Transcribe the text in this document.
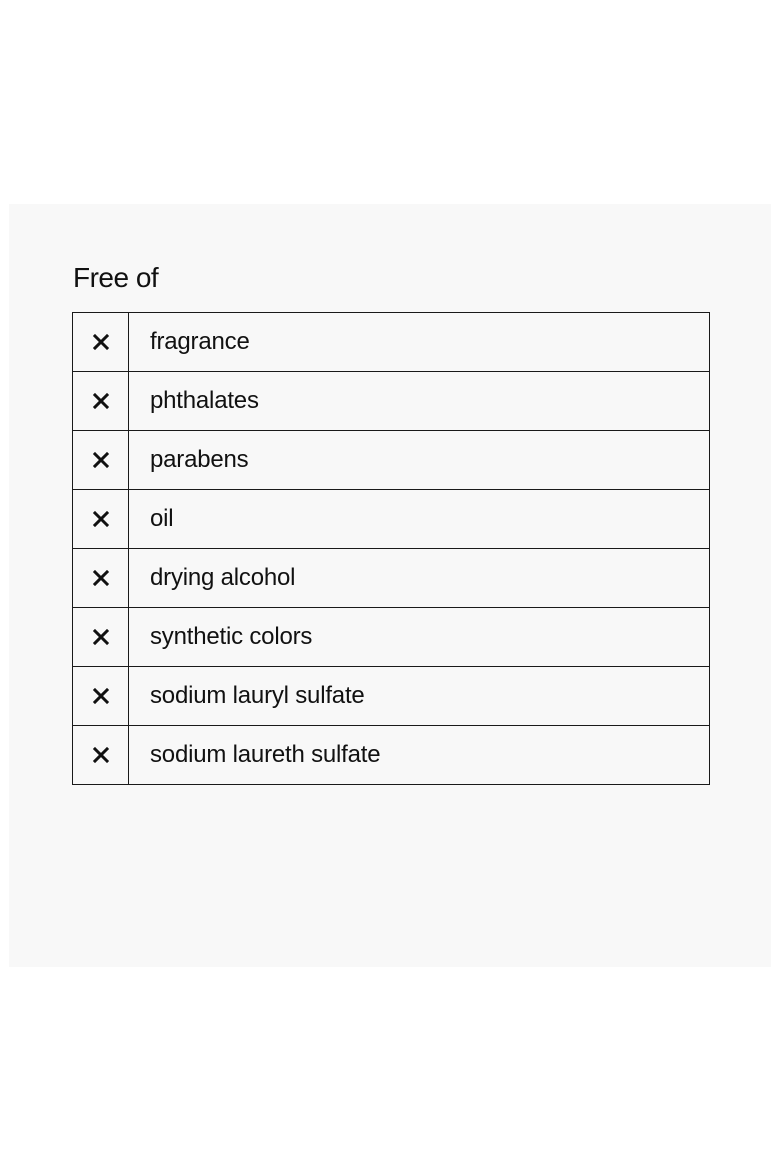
Free of
fragrance
phthalates
parabens
oil
drying alcohol
synthetic colors
sodium lauryl sulfate
sodium laureth sulfate
